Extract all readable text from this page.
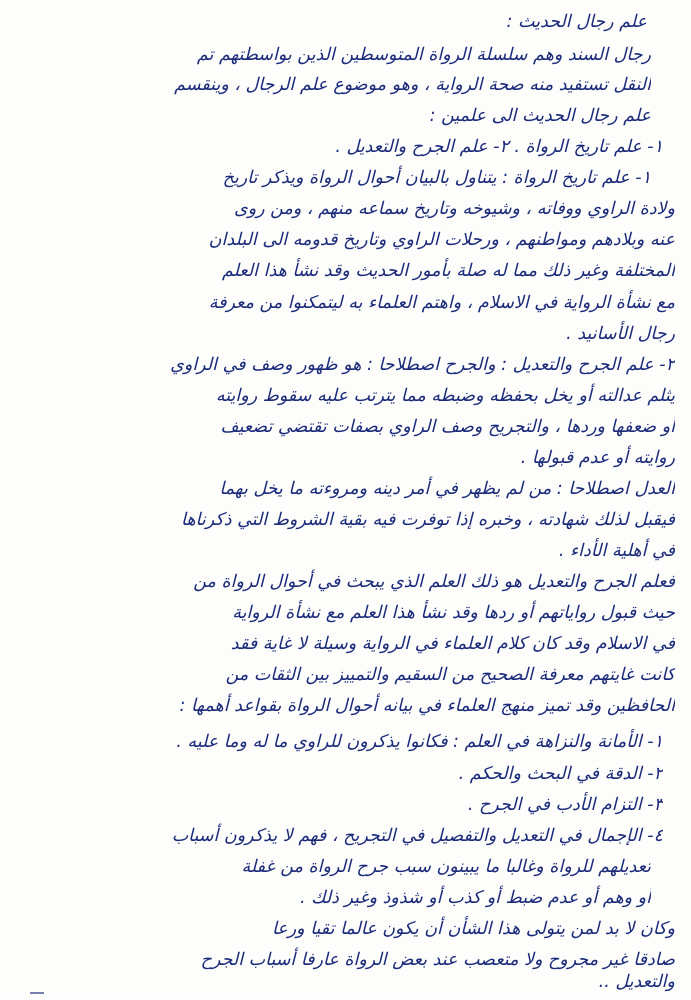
علم رجال الحديث :
رجال السند وهم سلسلة الرواة المتوسطين الذين بواسطتهم تم
النقل تستفيد منه صحة الرواية ، وهو موضوع علم الرجال ، وينقسم
علم رجال الحديث الى علمين :
١- علم تاريخ الرواة . ٢- علم الجرح والتعديل .
١- علم تاريخ الرواة : يتناول بالبيان أحوال الرواة ويذكر تاريخ
ولادة الراوي ووفاته ، وشيوخه وتاريخ سماعه منهم ، ومن روى
عنه وبلادهم ومواطنهم ، ورحلات الراوي وتاريخ قدومه الى البلدان
المختلفة وغير ذلك مما له صلة بأمور الحديث وقد نشأ هذا العلم
مع نشأة الرواية في الاسلام ، واهتم العلماء به ليتمكنوا من معرفة
رجال الأسانيد .
٢- علم الجرح والتعديل : والجرح اصطلاحا : هو ظهور وصف في الراوي
يثلم عدالته أو يخل بحفظه وضبطه مما يترتب عليه سقوط روايته
أو ضعفها وردها ، والتجريح وصف الراوي بصفات تقتضي تضعيف
روايته أو عدم قبولها .
العدل اصطلاحا : من لم يظهر في أمر دينه ومروءته ما يخل بهما
فيقبل لذلك شهادته ، وخبره إذا توفرت فيه بقية الشروط التي ذكرناها
في أهلية الأداء .
فعلم الجرح والتعديل هو ذلك العلم الذي يبحث في أحوال الرواة من
حيث قبول رواياتهم أو ردها وقد نشأ هذا العلم مع نشأة الرواية
في الاسلام وقد كان كلام العلماء في الرواية وسيلة لا غاية فقد
كانت غايتهم معرفة الصحيح من السقيم والتمييز بين الثقات من
الحافظين وقد تميز منهج العلماء في بيانه أحوال الرواة بقواعد أهمها :
١- الأمانة والنزاهة في العلم : فكانوا يذكرون للراوي ما له وما عليه .
٢- الدقة في البحث والحكم .
٣- التزام الأدب في الجرح .
٤- الإجمال في التعديل والتفصيل في التجريح ، فهم لا يذكرون أسباب
تعديلهم للرواة وغالبا ما يبينون سبب جرح الرواة من غفلة
أو وهم أو عدم ضبط أو كذب أو شذوذ وغير ذلك .
وكان لا بد لمن يتولى هذا الشأن أن يكون عالما تقيا ورعا
صادقا غير مجروح ولا متعصب عند بعض الرواة عارفا أسباب الجرح
والتعديل ..
